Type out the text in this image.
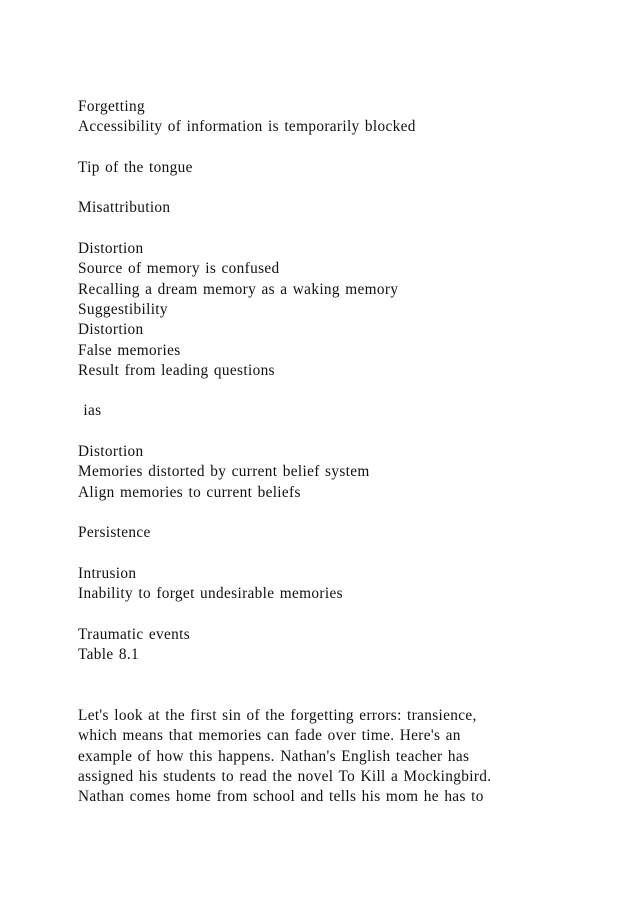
Forgetting
Accessibility of information is temporarily blocked
Tip of the tongue
Misattribution
Distortion
Source of memory is confused
Recalling a dream memory as a waking memory
Suggestibility
Distortion
False memories
Result from leading questions
ias
Distortion
Memories distorted by current belief system
Align memories to current beliefs
Persistence
Intrusion
Inability to forget undesirable memories
Traumatic events
Table 8.1
Let's look at the first sin of the forgetting errors: transience,
which means that memories can fade over time. Here's an
example of how this happens. Nathan's English teacher has
assigned his students to read the novel To Kill a Mockingbird.
Nathan comes home from school and tells his mom he has to
